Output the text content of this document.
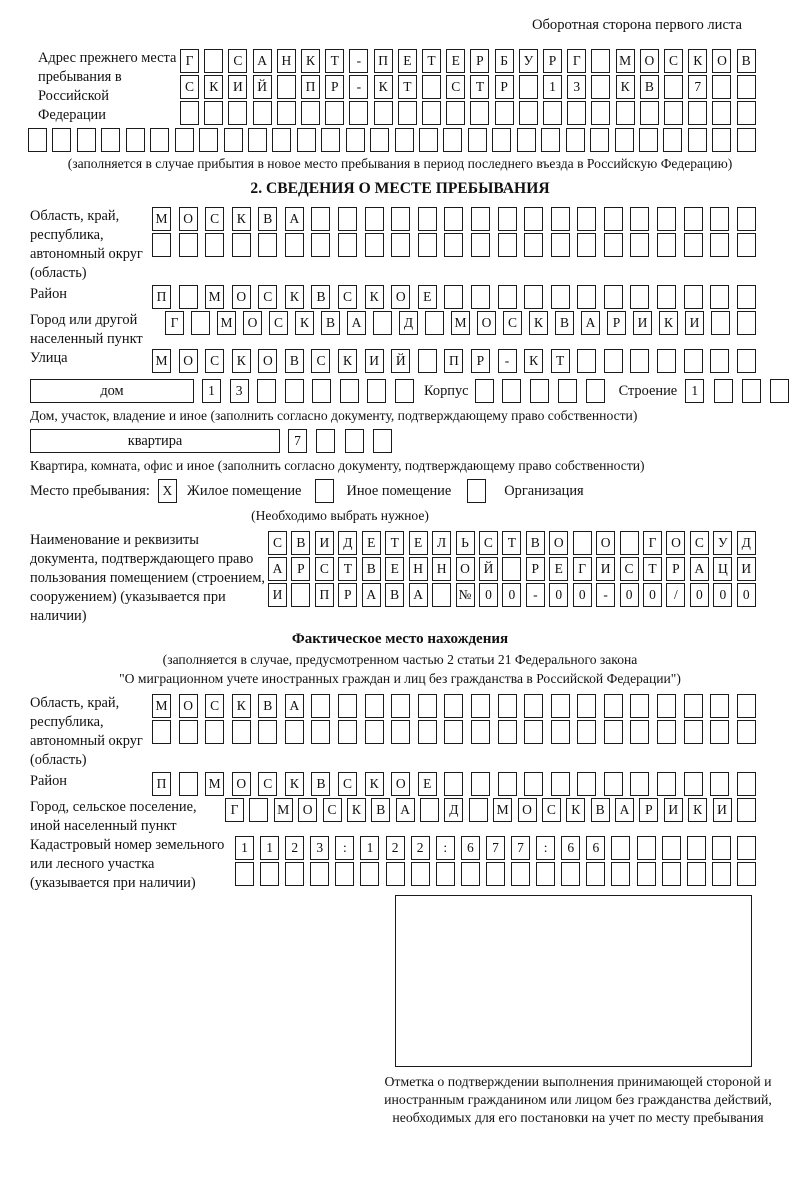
Оборотная сторона первого листа
Адрес прежнего места пребывания в Российской Федерации
Г	С	А	Н	К	Т	-	П	Е	Т	Е	Р	Б	У	Р	Г	М О	С	К	О	В
С	К	И	Й	П	Р	-	К	Т	С	Т	Р	1	3	К	В	7
(заполняется в случае прибытия в новое место пребывания в период последнего въезда в Российскую Федерацию)
2. СВЕДЕНИЯ О МЕСТЕ ПРЕБЫВАНИЯ
Область, край, республика, автономный округ (область)
М	О	С	К	В	А
Район	П	М	О	С	К	В	С	К	О	Е
Город или другой населенный пункт
Г	М	О	С	К	В	А	Д	М	О	С	К	В	А	Р	И	К	И
Улица	М	О	С	К	О	В	С	К	И	Й	П	Р	-	К	Т
дом	1	3	Корпус	Строение	1
Дом, участок, владение и иное (заполнить согласно документу, подтверждающему право собственности)
квартира	7
Квартира, комната, офис и иное (заполнить согласно документу, подтверждающему право собственности)
Место пребывания: X	Жилое помещение	Иное помещение	Организация
(Необходимо выбрать нужное)
Наименование и реквизиты документа, подтверждающего право пользования помещением (строением, сооружением) (указывается при наличии)
С	В	И	Д	Е	Т	Е	Л	Ь	С	Т	В	О	О	Г	О	С	У	Д
А	Р	С	Т	В	Е	Н	Н	О	Й	Р	Е	Г	И	С	Т	Р	А	Ц	И
И	П	Р	А	В	А	№	0	0	-	0	0	-	0	0	/	0	0	0
Фактическое место нахождения
(заполняется в случае, предусмотренном частью 2 статьи 21 Федерального закона
"О миграционном учете иностранных граждан и лиц без гражданства в Российской Федерации")
Область, край, республика, автономный округ (область)
М	О	С	К	В	А
Район	П	М	О	С	К	В	С	К	О	Е
Город, сельское поселение, иной населенный пункт
Г	М	О	С	К	В	А	Д	М	О	С	К	В	А	Р	И	К	И
Кадастровый номер земельного или лесного участка (указывается при наличии)
1	1	2	3	:	1	2	2	:	6	7	7	:	6	6
Отметка о подтверждении выполнения принимающей стороной и иностранным гражданином или лицом без гражданства действий, необходимых для его постановки на учет по месту пребывания
